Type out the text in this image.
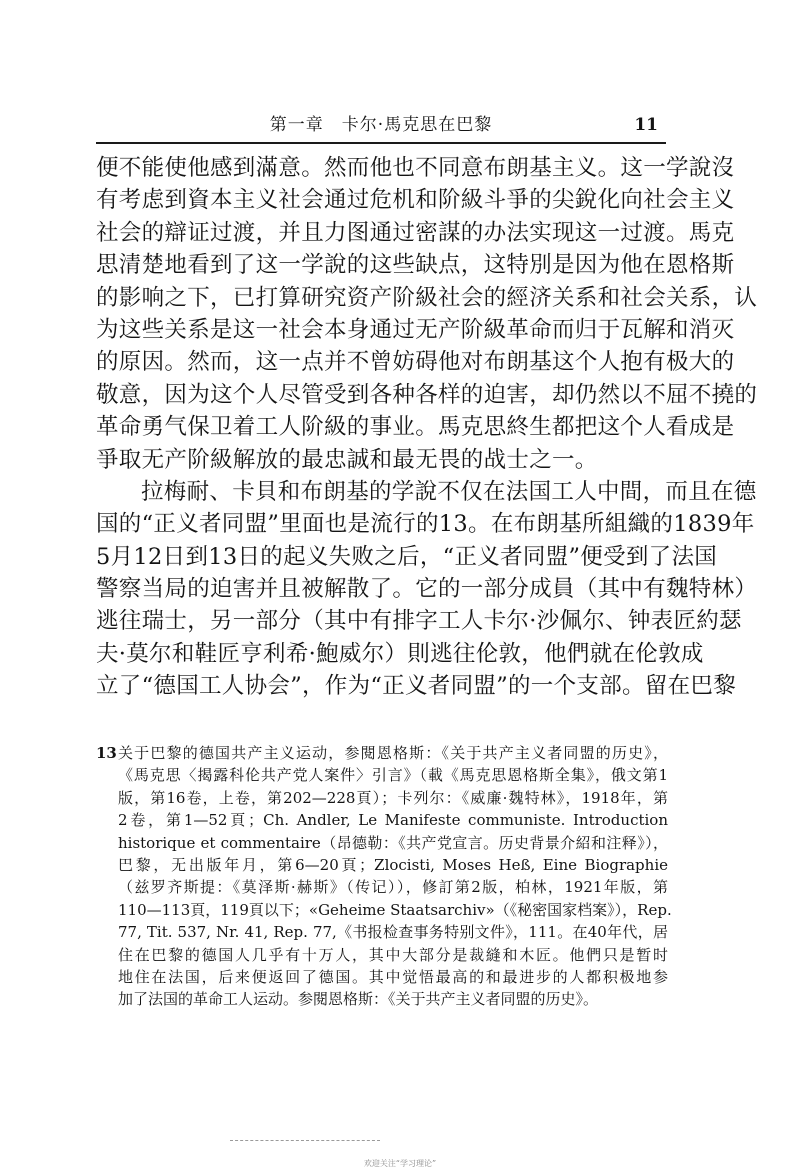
第一章　卡尔·馬克思在巴黎	11
便不能使他感到滿意。然而他也不同意布朗基主义。这一学說沒
有考虑到資本主义社会通过危机和阶級斗爭的尖銳化向社会主义
社会的辯证过渡，并且力图通过密謀的办法实现这一过渡。馬克
思清楚地看到了这一学說的这些缺点，这特別是因为他在恩格斯
的影响之下，已打算研究资产阶級社会的經济关系和社会关系，认
为这些关系是这一社会本身通过无产阶級革命而归于瓦解和消灭
的原因。然而，这一点并不曾妨碍他对布朗基这个人抱有极大的
敬意，因为这个人尽管受到各种各样的迫害，却仍然以不屈不撓的
革命勇气保卫着工人阶級的事业。馬克思終生都把这个人看成是
爭取无产阶級解放的最忠誠和最无畏的战士之一。
拉梅耐、卡貝和布朗基的学說不仅在法国工人中間，而且在德
国的“正义者同盟”里面也是流行的13。在布朗基所組織的1839年
5月12日到13日的起义失败之后，“正义者同盟”便受到了法国
警察当局的迫害并且被解散了。它的一部分成員（其中有魏特林）
逃往瑞士，另一部分（其中有排字工人卡尔·沙佩尔、钟表匠約瑟
夫·莫尔和鞋匠亨利希·鮑威尔）則逃往伦敦，他們就在伦敦成
立了“德国工人协会”，作为“正义者同盟”的一个支部。留在巴黎
13 关于巴黎的德国共产主义运动，参閱恩格斯：《关于共产主义者同盟的历史》，
《馬克思〈揭露科伦共产党人案件〉引言》（載《馬克思恩格斯全集》，俄文第1
版，第16卷，上卷，第202—228頁）；卡列尔：《威廉·魏特林》，1918年，第
2卷，第1—52頁；Ch. Andler, Le Manifeste communiste. Introduction
historique et commentaire（昂德勒：《共产党宣言。历史背景介紹和注释》），
巴黎，无出版年月，第6—20頁；Zlocisti, Moses Heß, Eine Biographie
（兹罗齐斯提：《莫泽斯·赫斯》（传记）），修訂第2版，柏林，1921年版，第
110—113頁，119頁以下；«Geheime Staatsarchiv»（《秘密国家档案》），Rep.
77, Tit. 537, Nr. 41, Rep. 77,《书报检查事务特别文件》，111。在40年代，居
住在巴黎的德国人几乎有十万人，其中大部分是裁縫和木匠。他們只是暂时
地住在法国，后来便返回了德国。其中觉悟最高的和最进步的人都积极地参
加了法国的革命工人运动。参閱恩格斯：《关于共产主义者同盟的历史》。
欢迎关注“学习理论”
